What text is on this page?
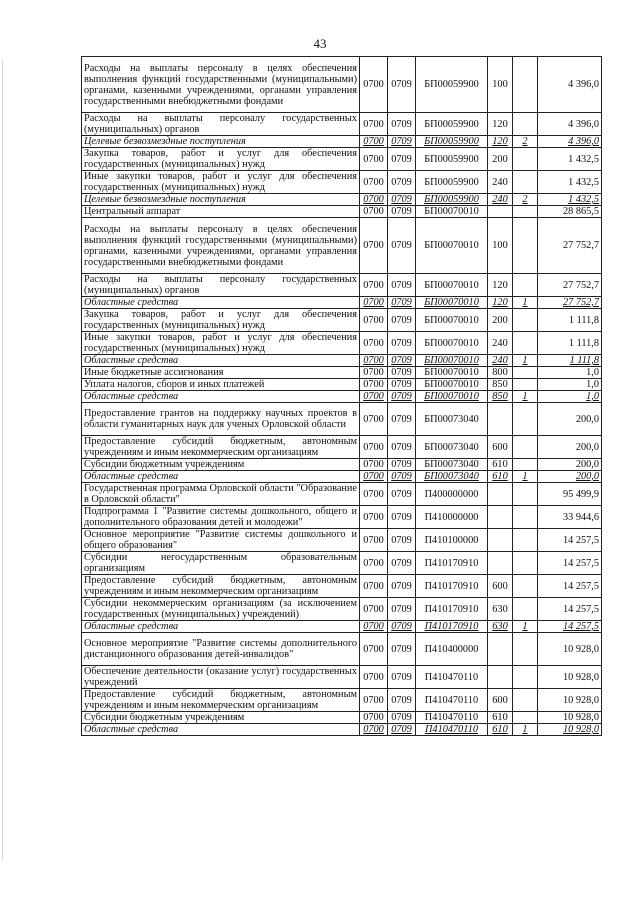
43
Расходы на выплаты персоналу в целях обеспечения выполнения функций государственными (муниципальными) органами, казенными учреждениями, органами управления государственными внебюджетными фондами	0700	0709	БП00059900	100		4 396,0
Расходы на выплаты персоналу государственных (муниципальных) органов	0700	0709	БП00059900	120		4 396,0
Целевые безвозмездные поступления	0700	0709	БП00059900	120	2	4 396,0
Закупка товаров, работ и услуг для обеспечения государственных (муниципальных) нужд	0700	0709	БП00059900	200		1 432,5
Иные закупки товаров, работ и услуг для обеспечения государственных (муниципальных) нужд	0700	0709	БП00059900	240		1 432,5
Целевые безвозмездные поступления	0700	0709	БП00059900	240	2	1 432,5
Центральный аппарат	0700	0709	БП00070010			28 865,5
Расходы на выплаты персоналу в целях обеспечения выполнения функций государственными (муниципальными) органами, казенными учреждениями, органами управления государственными внебюджетными фондами	0700	0709	БП00070010	100		27 752,7
Расходы на выплаты персоналу государственных (муниципальных) органов	0700	0709	БП00070010	120		27 752,7
Областные средства	0700	0709	БП00070010	120	1	27 752,7
Закупка товаров, работ и услуг для обеспечения государственных (муниципальных) нужд	0700	0709	БП00070010	200		1 111,8
Иные закупки товаров, работ и услуг для обеспечения государственных (муниципальных) нужд	0700	0709	БП00070010	240		1 111,8
Областные средства	0700	0709	БП00070010	240	1	1 111,8
Иные бюджетные ассигнования	0700	0709	БП00070010	800		1,0
Уплата налогов, сборов и иных платежей	0700	0709	БП00070010	850		1,0
Областные средства	0700	0709	БП00070010	850	1	1,0
Предоставление грантов на поддержку научных проектов в области гуманитарных наук для ученых Орловской области	0700	0709	БП00073040			200,0
Предоставление субсидий бюджетным, автономным учреждениям и иным некоммерческим организациям	0700	0709	БП00073040	600		200,0
Субсидии бюджетным учреждениям	0700	0709	БП00073040	610		200,0
Областные средства	0700	0709	БП00073040	610	1	200,0
Государственная программа Орловской области "Образование в Орловской области"	0700	0709	П400000000			95 499,9
Подпрограмма 1 "Развитие системы дошкольного, общего и дополнительного образования детей и молодежи"	0700	0709	П410000000			33 944,6
Основное мероприятие "Развитие системы дошкольного и общего образования"	0700	0709	П410100000			14 257,5
Субсидии негосударственным образовательным организациям	0700	0709	П410170910			14 257,5
Предоставление субсидий бюджетным, автономным учреждениям и иным некоммерческим организациям	0700	0709	П410170910	600		14 257,5
Субсидии некоммерческим организациям (за исключением государственных (муниципальных) учреждений)	0700	0709	П410170910	630		14 257,5
Областные средства	0700	0709	П410170910	630	1	14 257,5
Основное мероприятие "Развитие системы дополнительного дистанционного образования детей-инвалидов"	0700	0709	П410400000			10 928,0
Обеспечение деятельности (оказание услуг) государственных учреждений	0700	0709	П410470110			10 928,0
Предоставление субсидий бюджетным, автономным учреждениям и иным некоммерческим организациям	0700	0709	П410470110	600		10 928,0
Субсидии бюджетным учреждениям	0700	0709	П410470110	610		10 928,0
Областные средства	0700	0709	П410470110	610	1	10 928,0
